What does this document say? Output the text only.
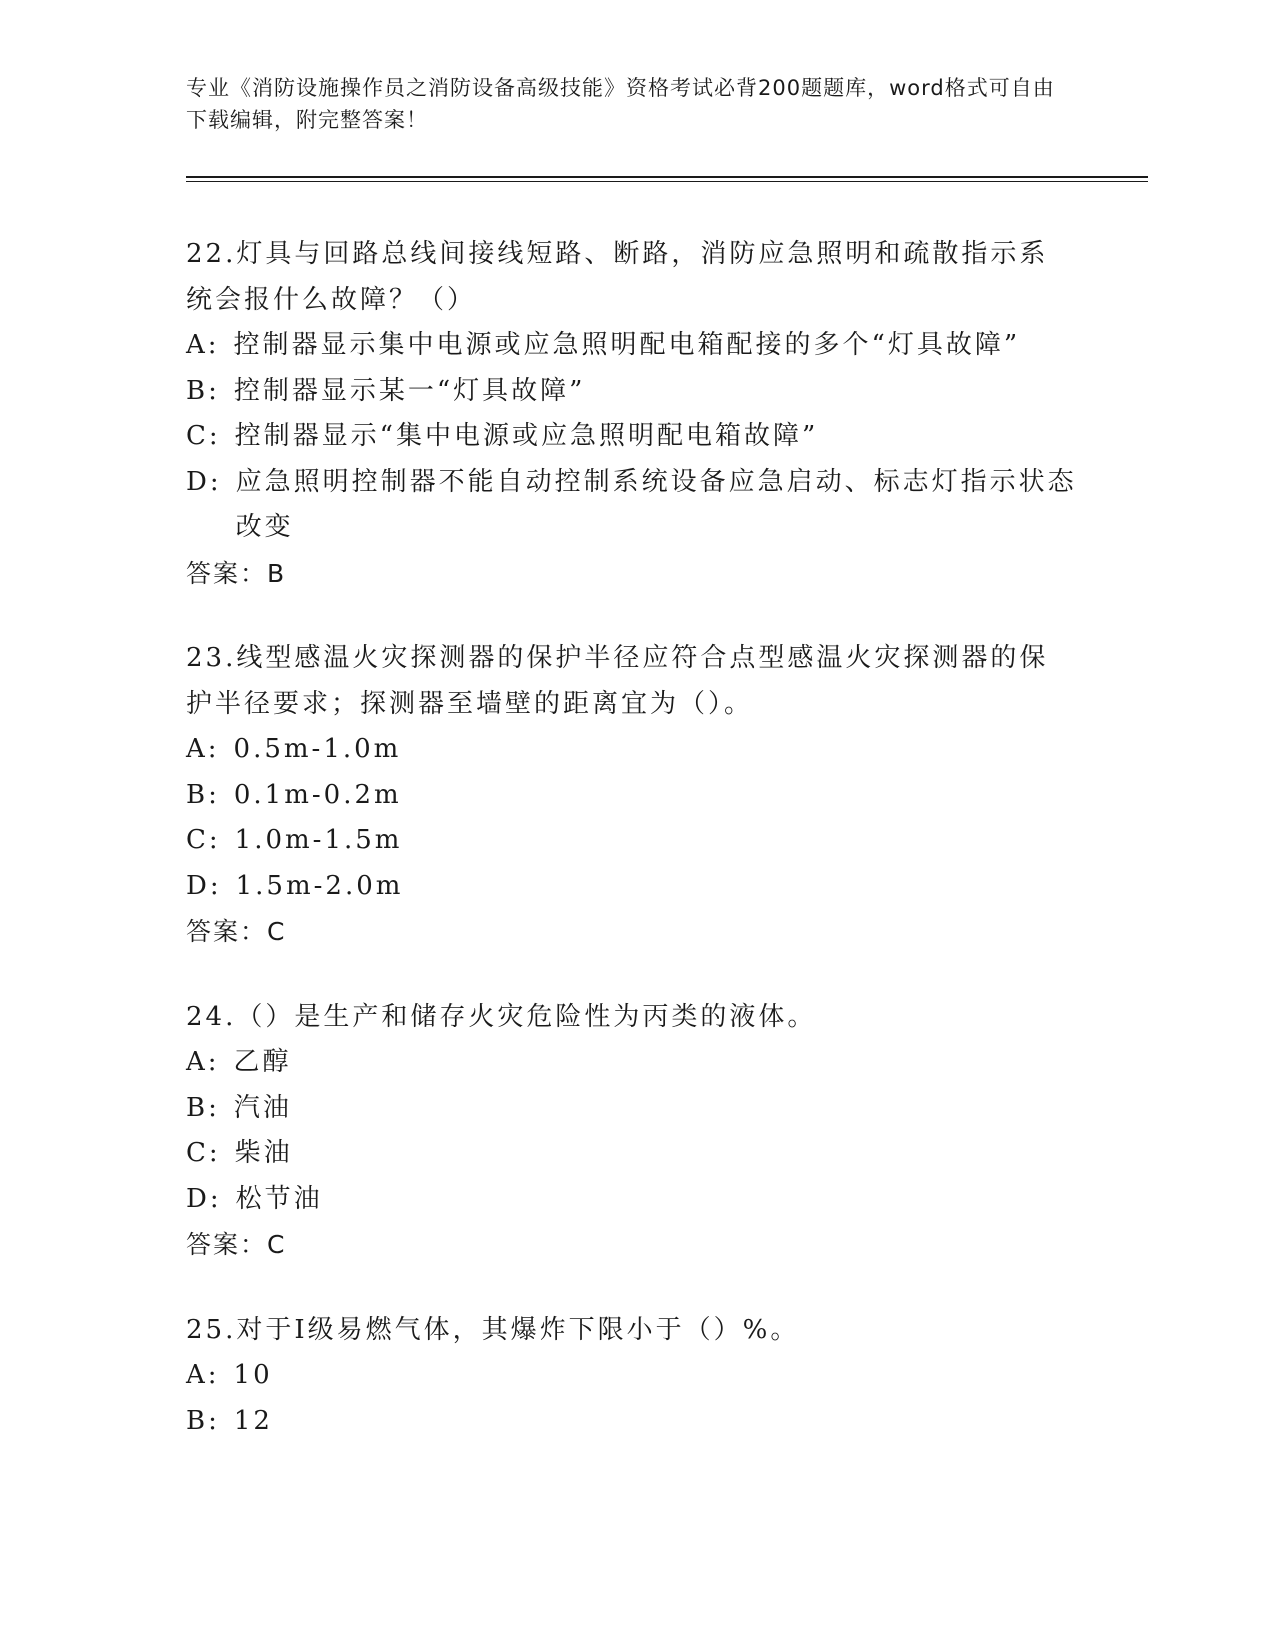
专业《消防设施操作员之消防设备高级技能》资格考试必背200题题库，word格式可自由下载编辑，附完整答案！
22.灯具与回路总线间接线短路、断路，消防应急照明和疏散指示系统会报什么故障？（）
A: 控制器显示集中电源或应急照明配电箱配接的多个“灯具故障”
B: 控制器显示某一“灯具故障”
C: 控制器显示“集中电源或应急照明配电箱故障”
D: 应急照明控制器不能自动控制系统设备应急启动、标志灯指示状态改变
答案：B
23.线型感温火灾探测器的保护半径应符合点型感温火灾探测器的保护半径要求；探测器至墙壁的距离宜为（）。
A: 0.5m-1.0m
B: 0.1m-0.2m
C: 1.0m-1.5m
D: 1.5m-2.0m
答案：C
24.（）是生产和储存火灾危险性为丙类的液体。
A: 乙醇
B: 汽油
C: 柴油
D: 松节油
答案：C
25.对于Ⅰ级易燃气体，其爆炸下限小于（）%。
A: 10
B: 12
